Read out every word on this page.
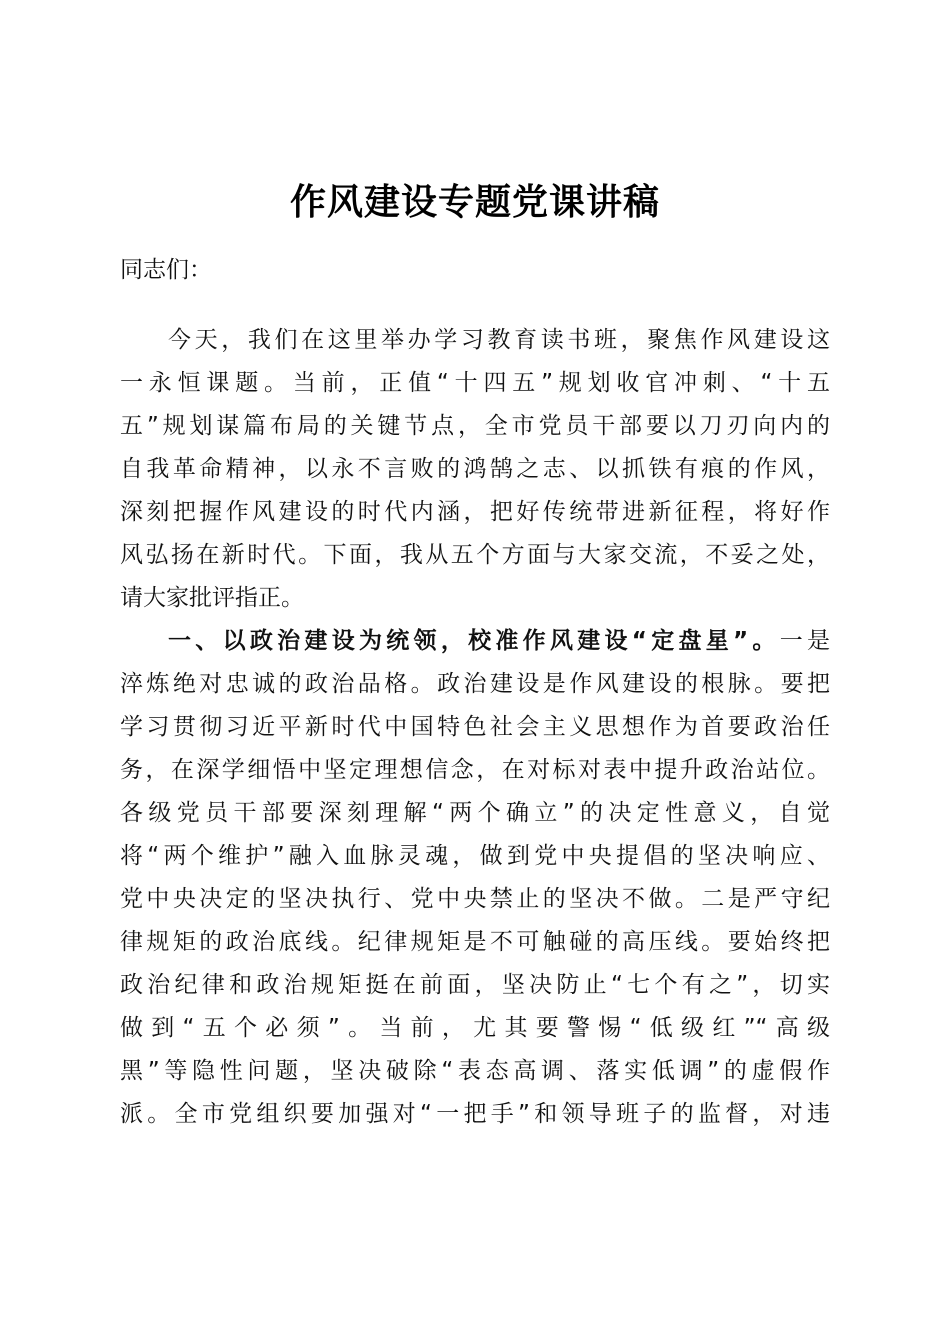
作风建设专题党课讲稿
同志们：
今天，我们在这里举办学习教育读书班，聚焦作风建设这
一永恒课题。当前，正值“十四五”规划收官冲刺、“十五
五”规划谋篇布局的关键节点，全市党员干部要以刀刃向内的
自我革命精神，以永不言败的鸿鹄之志、以抓铁有痕的作风，
深刻把握作风建设的时代内涵，把好传统带进新征程，将好作
风弘扬在新时代。下面，我从五个方面与大家交流，不妥之处，
请大家批评指正。
一、以政治建设为统领，校准作风建设“定盘星”。一是
淬炼绝对忠诚的政治品格。政治建设是作风建设的根脉。要把
学习贯彻习近平新时代中国特色社会主义思想作为首要政治任
务，在深学细悟中坚定理想信念，在对标对表中提升政治站位。
各级党员干部要深刻理解“两个确立”的决定性意义，自觉
将“两个维护”融入血脉灵魂，做到党中央提倡的坚决响应、
党中央决定的坚决执行、党中央禁止的坚决不做。二是严守纪
律规矩的政治底线。纪律规矩是不可触碰的高压线。要始终把
政治纪律和政治规矩挺在前面，坚决防止“七个有之”，切实
做到“五个必须”。当前，尤其要警惕“低级红”“高级
黑”等隐性问题，坚决破除“表态高调、落实低调”的虚假作
派。全市党组织要加强对“一把手”和领导班子的监督，对违
